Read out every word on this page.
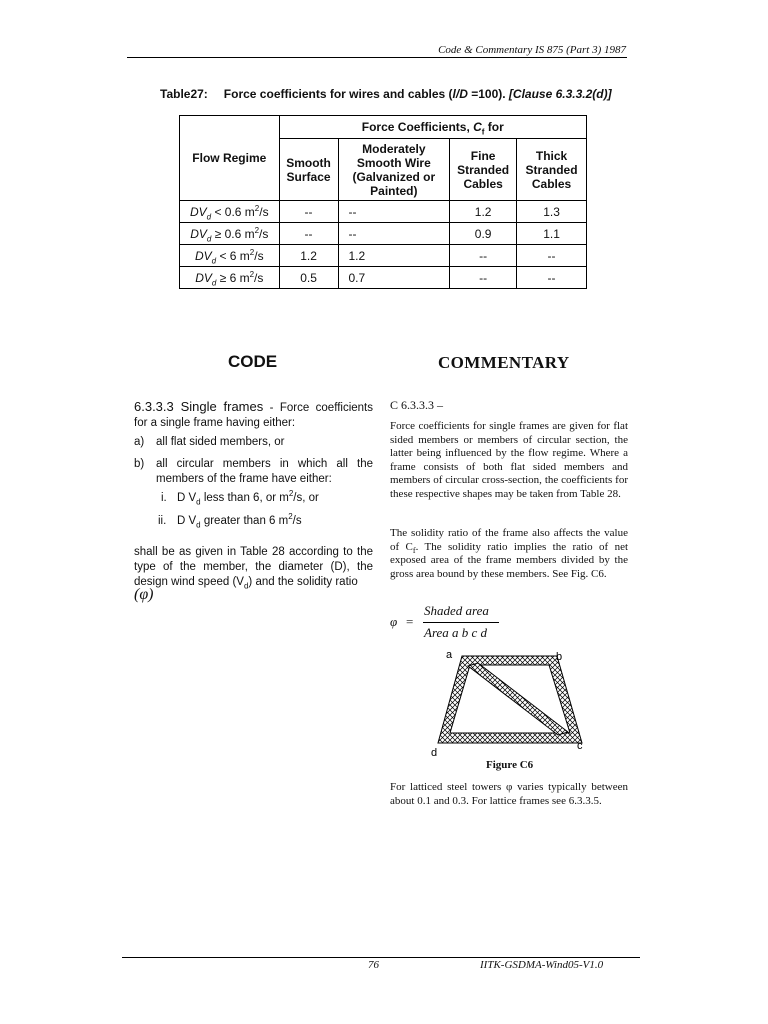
Code & Commentary IS 875 (Part 3) 1987
Table27: Force coefficients for wires and cables (l/D =100). [Clause 6.3.3.2(d)]
Flow Regime	Force Coefficients, $C_f$ for			
	Smooth Surface	Moderately Smooth Wire (Galvanized or Painted)	Fine Stranded Cables	Thick Stranded Cables
$DV_d < 0.6$ $m^2/s$	--	--	1.2	1.3
$DV_d \ge 0.6$ $m^2/s$	--	--	0.9	1.1
$DV_d < 6$ $m^2/s$	1.2	1.2	--	--
$DV_d \ge 6$ $m^2/s$	0.5	0.7	--	--
CODE	COMMENTARY
6.3.3.3 Single frames - Force coefficients for a single frame having either:
a) all flat sided members, or
b) all circular members in which all the members of the frame have either:
i. D $V_d$ less than 6, or $m^2/s$, or
ii. D $V_d$ greater than 6 $m^2/s$
shall be as given in Table 28 according to the type of the member, the diameter (D), the design wind speed $(V_d)$ and the solidity ratio
(φ)
C 6.3.3.3 –
Force coefficients for single frames are given for flat sided members or members of circular section, the latter being influenced by the flow regime. Where a frame consists of both flat sided members and members of circular cross-section, the coefficients for these respective shapes may be taken from Table 28.
The solidity ratio of the frame also affects the value of $C_f$. The solidity ratio implies the ratio of net exposed area of the frame members divided by the gross area bound by these members. See Fig. C6.
φ =
Shaded area
Area a b c d
a	b
c
d
Figure C6
For latticed steel towers φ varies typically between about 0.1 and 0.3. For lattice frames see 6.3.3.5.
76	IITK-GSDMA-Wind05-V1.0
